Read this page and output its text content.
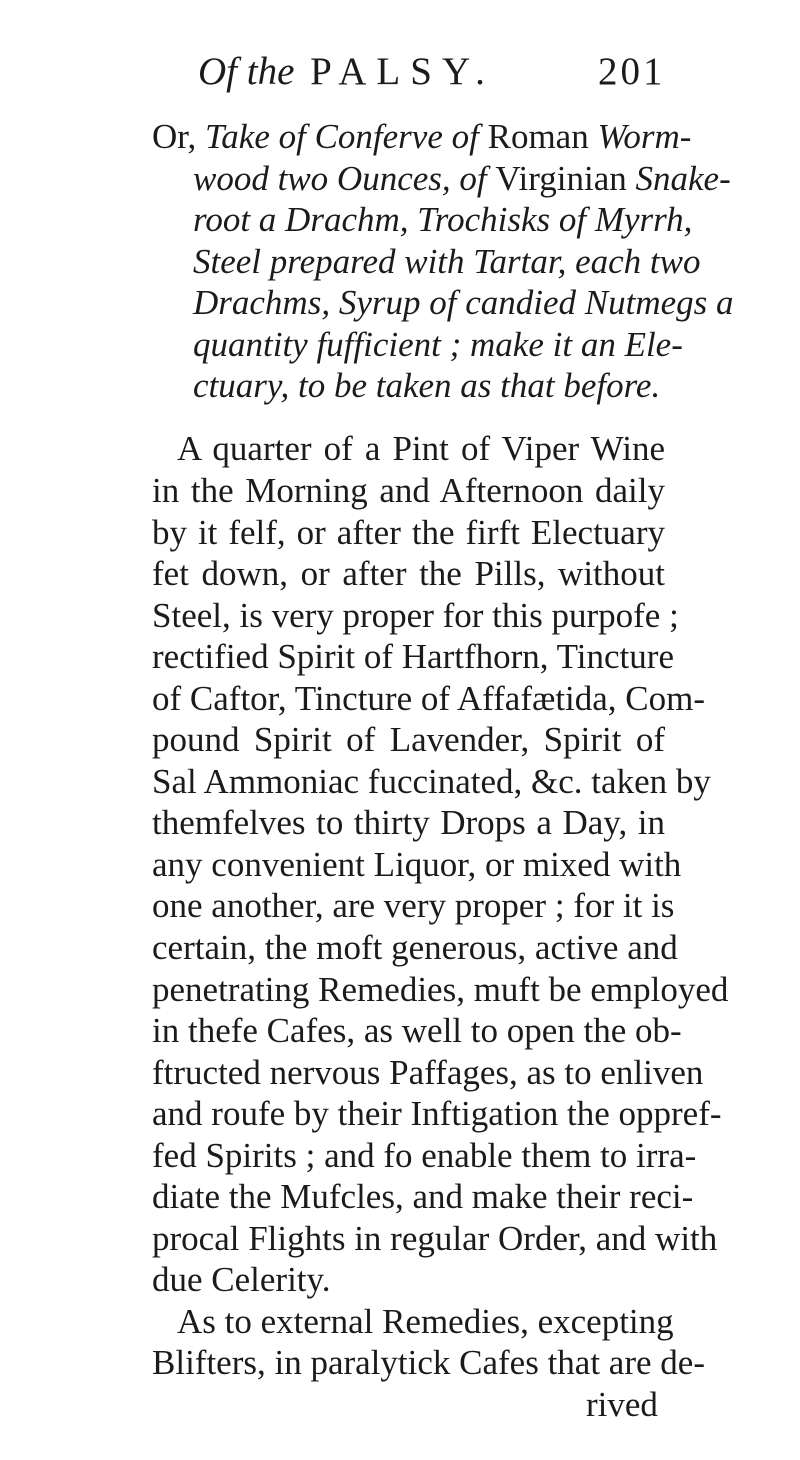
Of the PALSY.	201
Or, Take of Conferve of Roman Worm-
wood two Ounces, of Virginian Snake-
root a Drachm, Trochisks of Myrrh,
Steel prepared with Tartar, each two
Drachms, Syrup of candied Nutmegs a
quantity fufficient ; make it an Ele-
ctuary, to be taken as that before.
A quarter of a Pint of Viper Wine
in the Morning and Afternoon daily
by it felf, or after the firft Electuary
fet down, or after the Pills, without
Steel, is very proper for this purpofe ;
rectified Spirit of Hartfhorn, Tincture
of Caftor, Tincture of Affafætida, Com-
pound Spirit of Lavender, Spirit of
Sal Ammoniac fuccinated, &c. taken by
themfelves to thirty Drops a Day, in
any convenient Liquor, or mixed with
one another, are very proper ; for it is
certain, the moft generous, active and
penetrating Remedies, muft be employed
in thefe Cafes, as well to open the ob-
ftructed nervous Paffages, as to enliven
and roufe by their Inftigation the oppref-
fed Spirits ; and fo enable them to irra-
diate the Mufcles, and make their reci-
procal Flights in regular Order, and with
due Celerity.
As to external Remedies, excepting
Blifters, in paralytick Cafes that are de-
rived
